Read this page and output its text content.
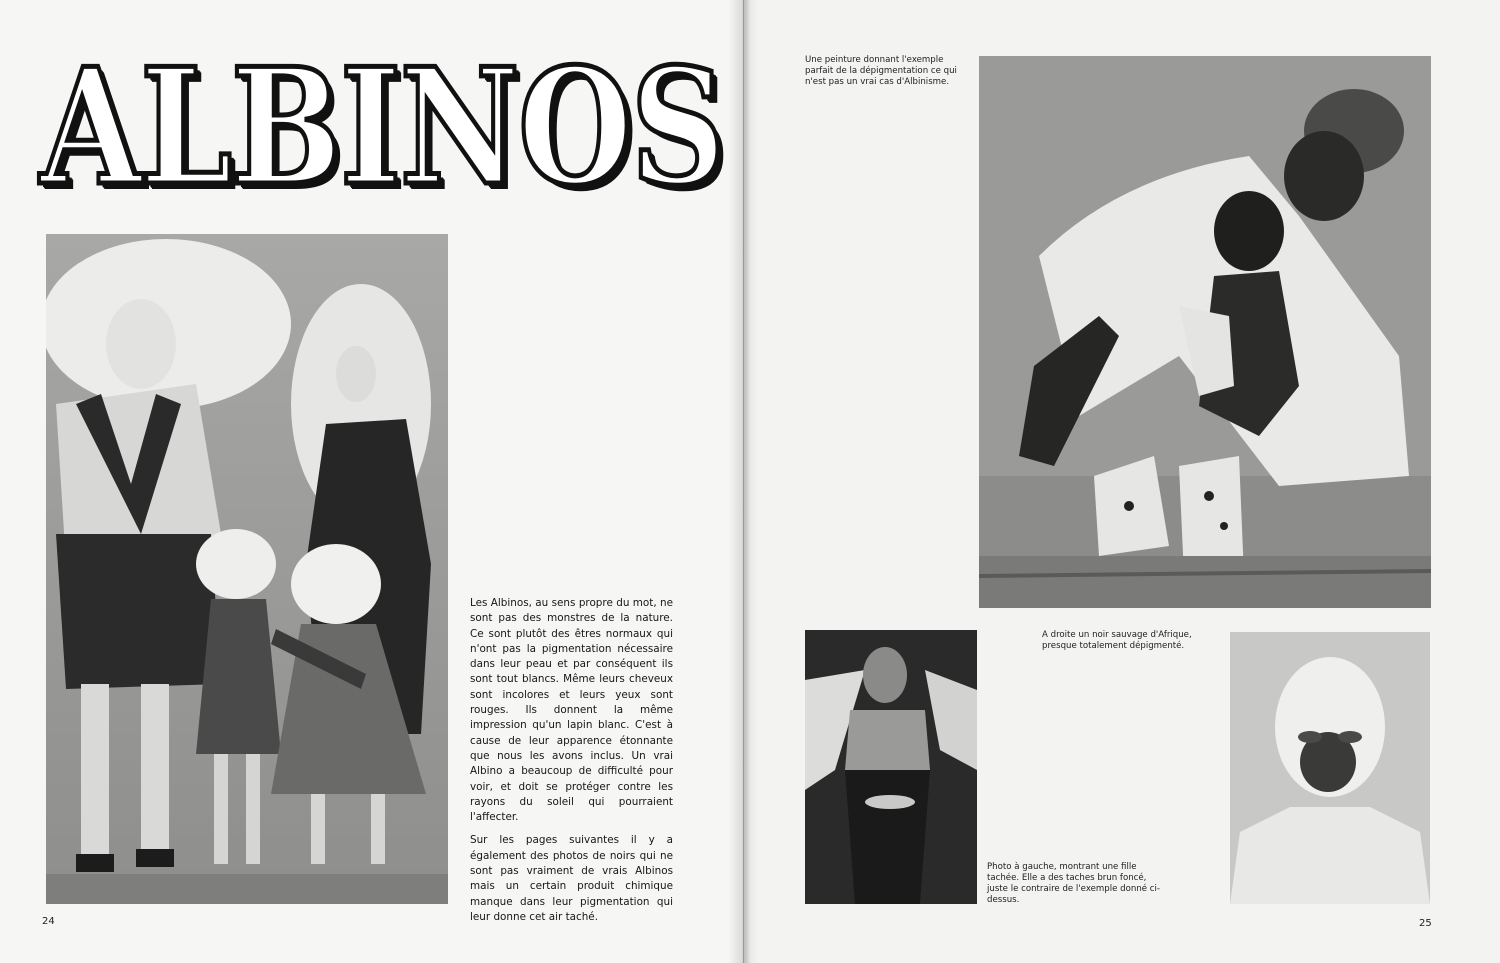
ALBINOS

Les Albinos, au sens propre du mot, ne sont pas des monstres de la nature. Ce sont plutôt des êtres normaux qui n'ont pas la pigmentation nécessaire dans leur peau et par conséquent ils sont tout blancs. Même leurs cheveux sont incolores et leurs yeux sont rouges. Ils donnent la même impression qu'un lapin blanc. C'est à cause de leur apparence étonnante que nous les avons inclus. Un vrai Albino a beaucoup de difficulté pour voir, et doit se protéger contre les rayons du soleil qui pourraient l'affecter.

Sur les pages suivantes il y a également des photos de noirs qui ne sont pas vraiment de vrais Albinos mais un certain produit chimique manque dans leur pigmentation qui leur donne cet air taché.

24
Une peinture donnant l'exemple parfait de la dépigmentation ce qui n'est pas un vrai cas d'Albinisme.
A droite un noir sauvage d'Afrique, presque totalement dépigmenté.
Photo à gauche, montrant une fille tachée. Elle a des taches brun foncé, juste le contraire de l'exemple donné ci-dessus.
25
